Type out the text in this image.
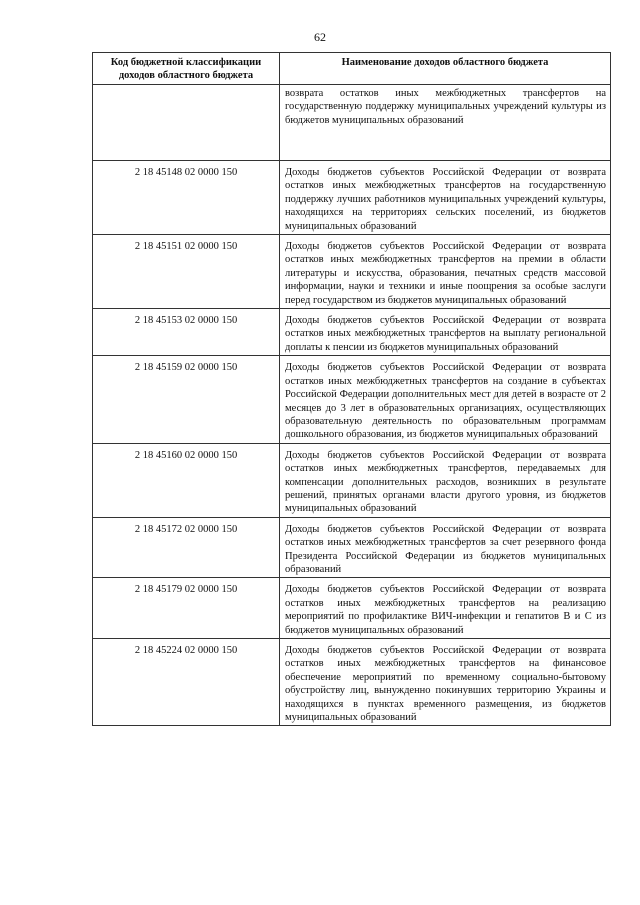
62
Код бюджетной классификации доходов областного бюджета	Наименование доходов областного бюджета
	возврата остатков иных межбюджетных трансфертов на государственную поддержку муниципальных учреждений культуры из бюджетов муниципальных образований
2 18 45148 02 0000 150	Доходы бюджетов субъектов Российской Федерации от возврата остатков иных межбюджетных трансфертов на государственную поддержку лучших работников муниципальных учреждений культуры, находящихся на территориях сельских поселений, из бюджетов муниципальных образований
2 18 45151 02 0000 150	Доходы бюджетов субъектов Российской Федерации от возврата остатков иных межбюджетных трансфертов на премии в области литературы и искусства, образования, печатных средств массовой информации, науки и техники и иные поощрения за особые заслуги перед государством из бюджетов муниципальных образований
2 18 45153 02 0000 150	Доходы бюджетов субъектов Российской Федерации от возврата остатков иных межбюджетных трансфертов на выплату региональной доплаты к пенсии из бюджетов муниципальных образований
2 18 45159 02 0000 150	Доходы бюджетов субъектов Российской Федерации от возврата остатков иных межбюджетных трансфертов на создание в субъектах Российской Федерации дополнительных мест для детей в возрасте от 2 месяцев до 3 лет в образовательных организациях, осуществляющих образовательную деятельность по образовательным программам дошкольного образования, из бюджетов муниципальных образований
2 18 45160 02 0000 150	Доходы бюджетов субъектов Российской Федерации от возврата остатков иных межбюджетных трансфертов, передаваемых для компенсации дополнительных расходов, возникших в результате решений, принятых органами власти другого уровня, из бюджетов муниципальных образований
2 18 45172 02 0000 150	Доходы бюджетов субъектов Российской Федерации от возврата остатков иных межбюджетных трансфертов за счет резервного фонда Президента Российской Федерации из бюджетов муниципальных образований
2 18 45179 02 0000 150	Доходы бюджетов субъектов Российской Федерации от возврата остатков иных межбюджетных трансфертов на реализацию мероприятий по профилактике ВИЧ-инфекции и гепатитов В и С из бюджетов муниципальных образований
2 18 45224 02 0000 150	Доходы бюджетов субъектов Российской Федерации от возврата остатков иных межбюджетных трансфертов на финансовое обеспечение мероприятий по временному социально-бытовому обустройству лиц, вынужденно покинувших территорию Украины и находящихся в пунктах временного размещения, из бюджетов муниципальных образований
